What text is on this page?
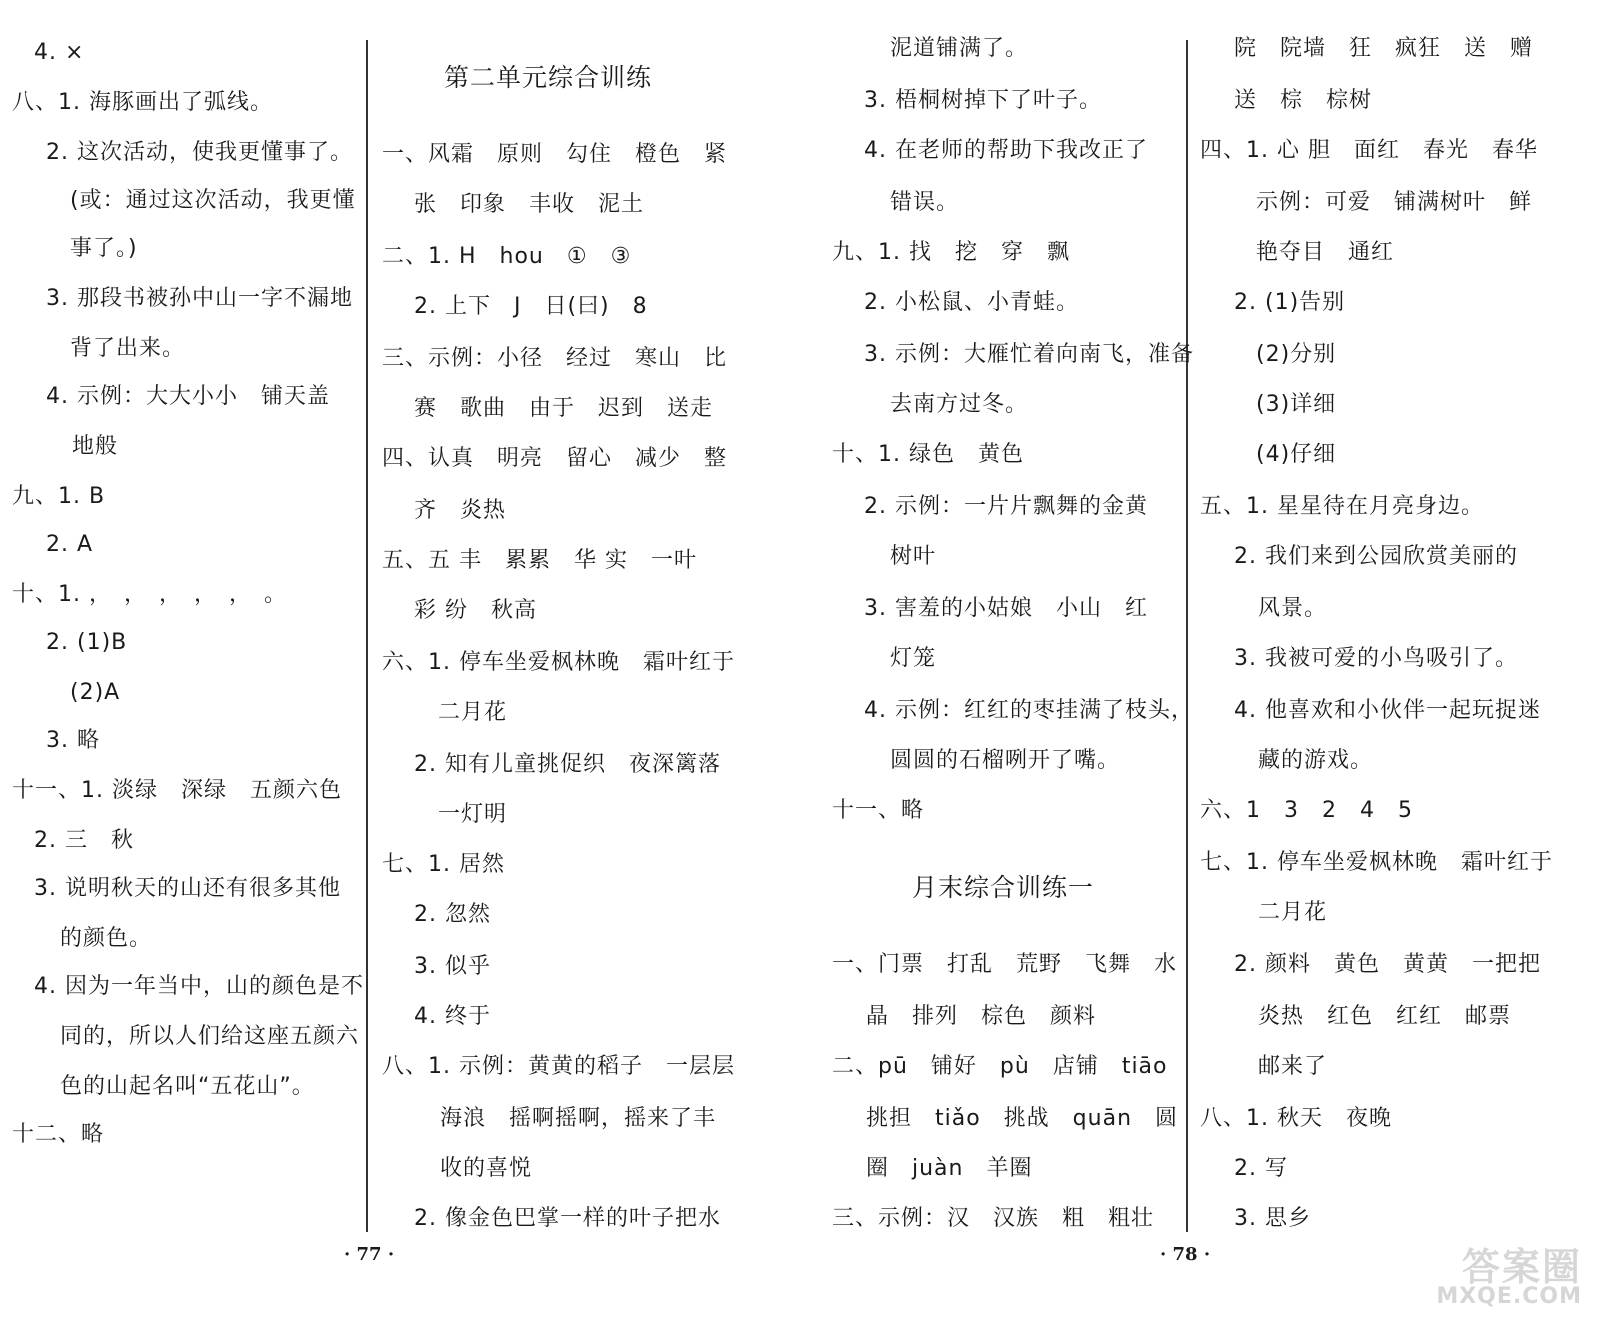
4. ×
八、1. 海豚画出了弧线。
2. 这次活动，使我更懂事了。
(或：通过这次活动，我更懂
事了。)
3. 那段书被孙中山一字不漏地
背了出来。
4. 示例：大大小小　铺天盖
地般
九、1. B
2. A
十、1. ，　，　，　，　，　。
2. (1)B
(2)A
3. 略
十一、1. 淡绿　深绿　五颜六色
2. 三　秋
3. 说明秋天的山还有很多其他
的颜色。
4. 因为一年当中，山的颜色是不
同的，所以人们给这座五颜六
色的山起名叫“五花山”。
十二、略
第二单元综合训练
一、风霜　原则　勾住　橙色　紧
张　印象　丰收　泥土
二、1. H　hou　①　③
2. 上下　J　日(曰)　8
三、示例：小径　经过　寒山　比
赛　歌曲　由于　迟到　送走
四、认真　明亮　留心　减少　整
齐　炎热
五、五 丰　累累　华 实　一叶
彩 纷　秋高
六、1. 停车坐爱枫林晚　霜叶红于
二月花
2. 知有儿童挑促织　夜深篱落
一灯明
七、1. 居然
2. 忽然
3. 似乎
4. 终于
八、1. 示例：黄黄的稻子　一层层
海浪　摇啊摇啊，摇来了丰
收的喜悦
2. 像金色巴掌一样的叶子把水
月末综合训练一
泥道铺满了。
3. 梧桐树掉下了叶子。
4. 在老师的帮助下我改正了
错误。
九、1. 找　挖　穿　飘
2. 小松鼠、小青蛙。
3. 示例：大雁忙着向南飞，准备
去南方过冬。
十、1. 绿色　黄色
2. 示例：一片片飘舞的金黄
树叶
3. 害羞的小姑娘　小山　红
灯笼
4. 示例：红红的枣挂满了枝头，
圆圆的石榴咧开了嘴。
十一、略
一、门票　打乱　荒野　飞舞　水
晶　排列　棕色　颜料
二、pū　铺好　pù　店铺　tiāo
挑担　tiǎo　挑战　quān　圆
圈　juàn　羊圈
三、示例：汉　汉族　粗　粗壮
院　院墙　狂　疯狂　送　赠
送　棕　棕树
四、1. 心 胆　面红　春光　春华
示例：可爱　铺满树叶　鲜
艳夺目　通红
2. (1)告别
(2)分别
(3)详细
(4)仔细
五、1. 星星待在月亮身边。
2. 我们来到公园欣赏美丽的
风景。
3. 我被可爱的小鸟吸引了。
4. 他喜欢和小伙伴一起玩捉迷
藏的游戏。
六、1　3　2　4　5
七、1. 停车坐爱枫林晚　霜叶红于
二月花
2. 颜料　黄色　黄黄　一把把
炎热　红色　红红　邮票
邮来了
八、1. 秋天　夜晚
2. 写
3. 思乡
· 77 ·	· 78 ·	答案圈
MXQE.COM
